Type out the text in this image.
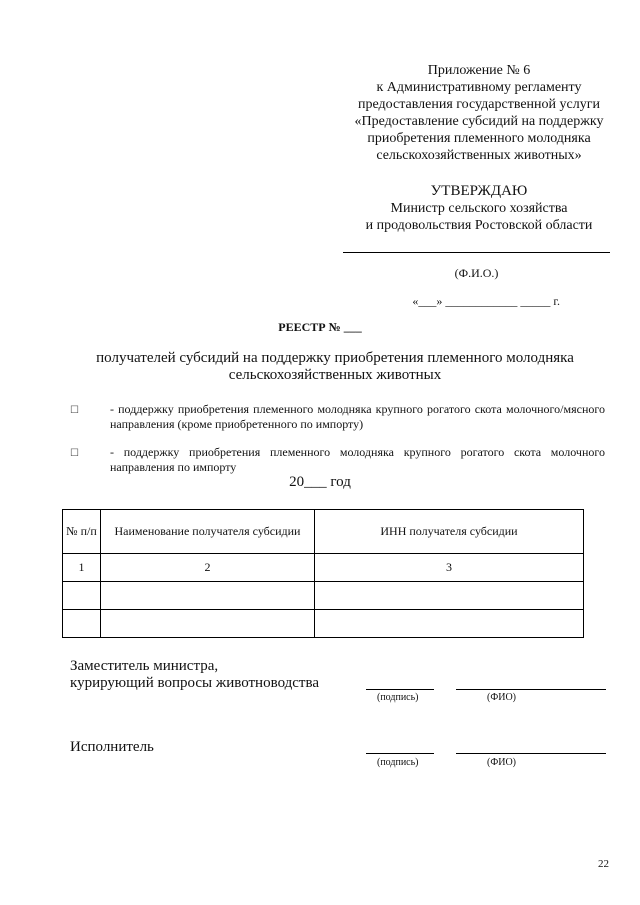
Приложение № 6
к Административному регламенту
предоставления государственной услуги
«Предоставление субсидий на поддержку
приобретения племенного молодняка
сельскохозяйственных животных»
УТВЕРЖДАЮ
Министр сельского хозяйства
и продовольствия Ростовской области
(Ф.И.О.)
«___» ____________ _____ г.
РЕЕСТР № ___
получателей субсидий на поддержку приобретения племенного молодняка
сельскохозяйственных животных
☐	- поддержку приобретения племенного молодняка крупного рогатого скота молочного/мясного направления (кроме приобретенного по импорту)
☐	- поддержку приобретения племенного молодняка крупного рогатого скота молочного направления по импорту
20___ год
№ п/п	Наименование получателя субсидии	ИНН получателя субсидии
1	2	3

Заместитель министра,
курирующий вопросы животноводства
(подпись)	(ФИО)
Исполнитель
(подпись)	(ФИО)
22
